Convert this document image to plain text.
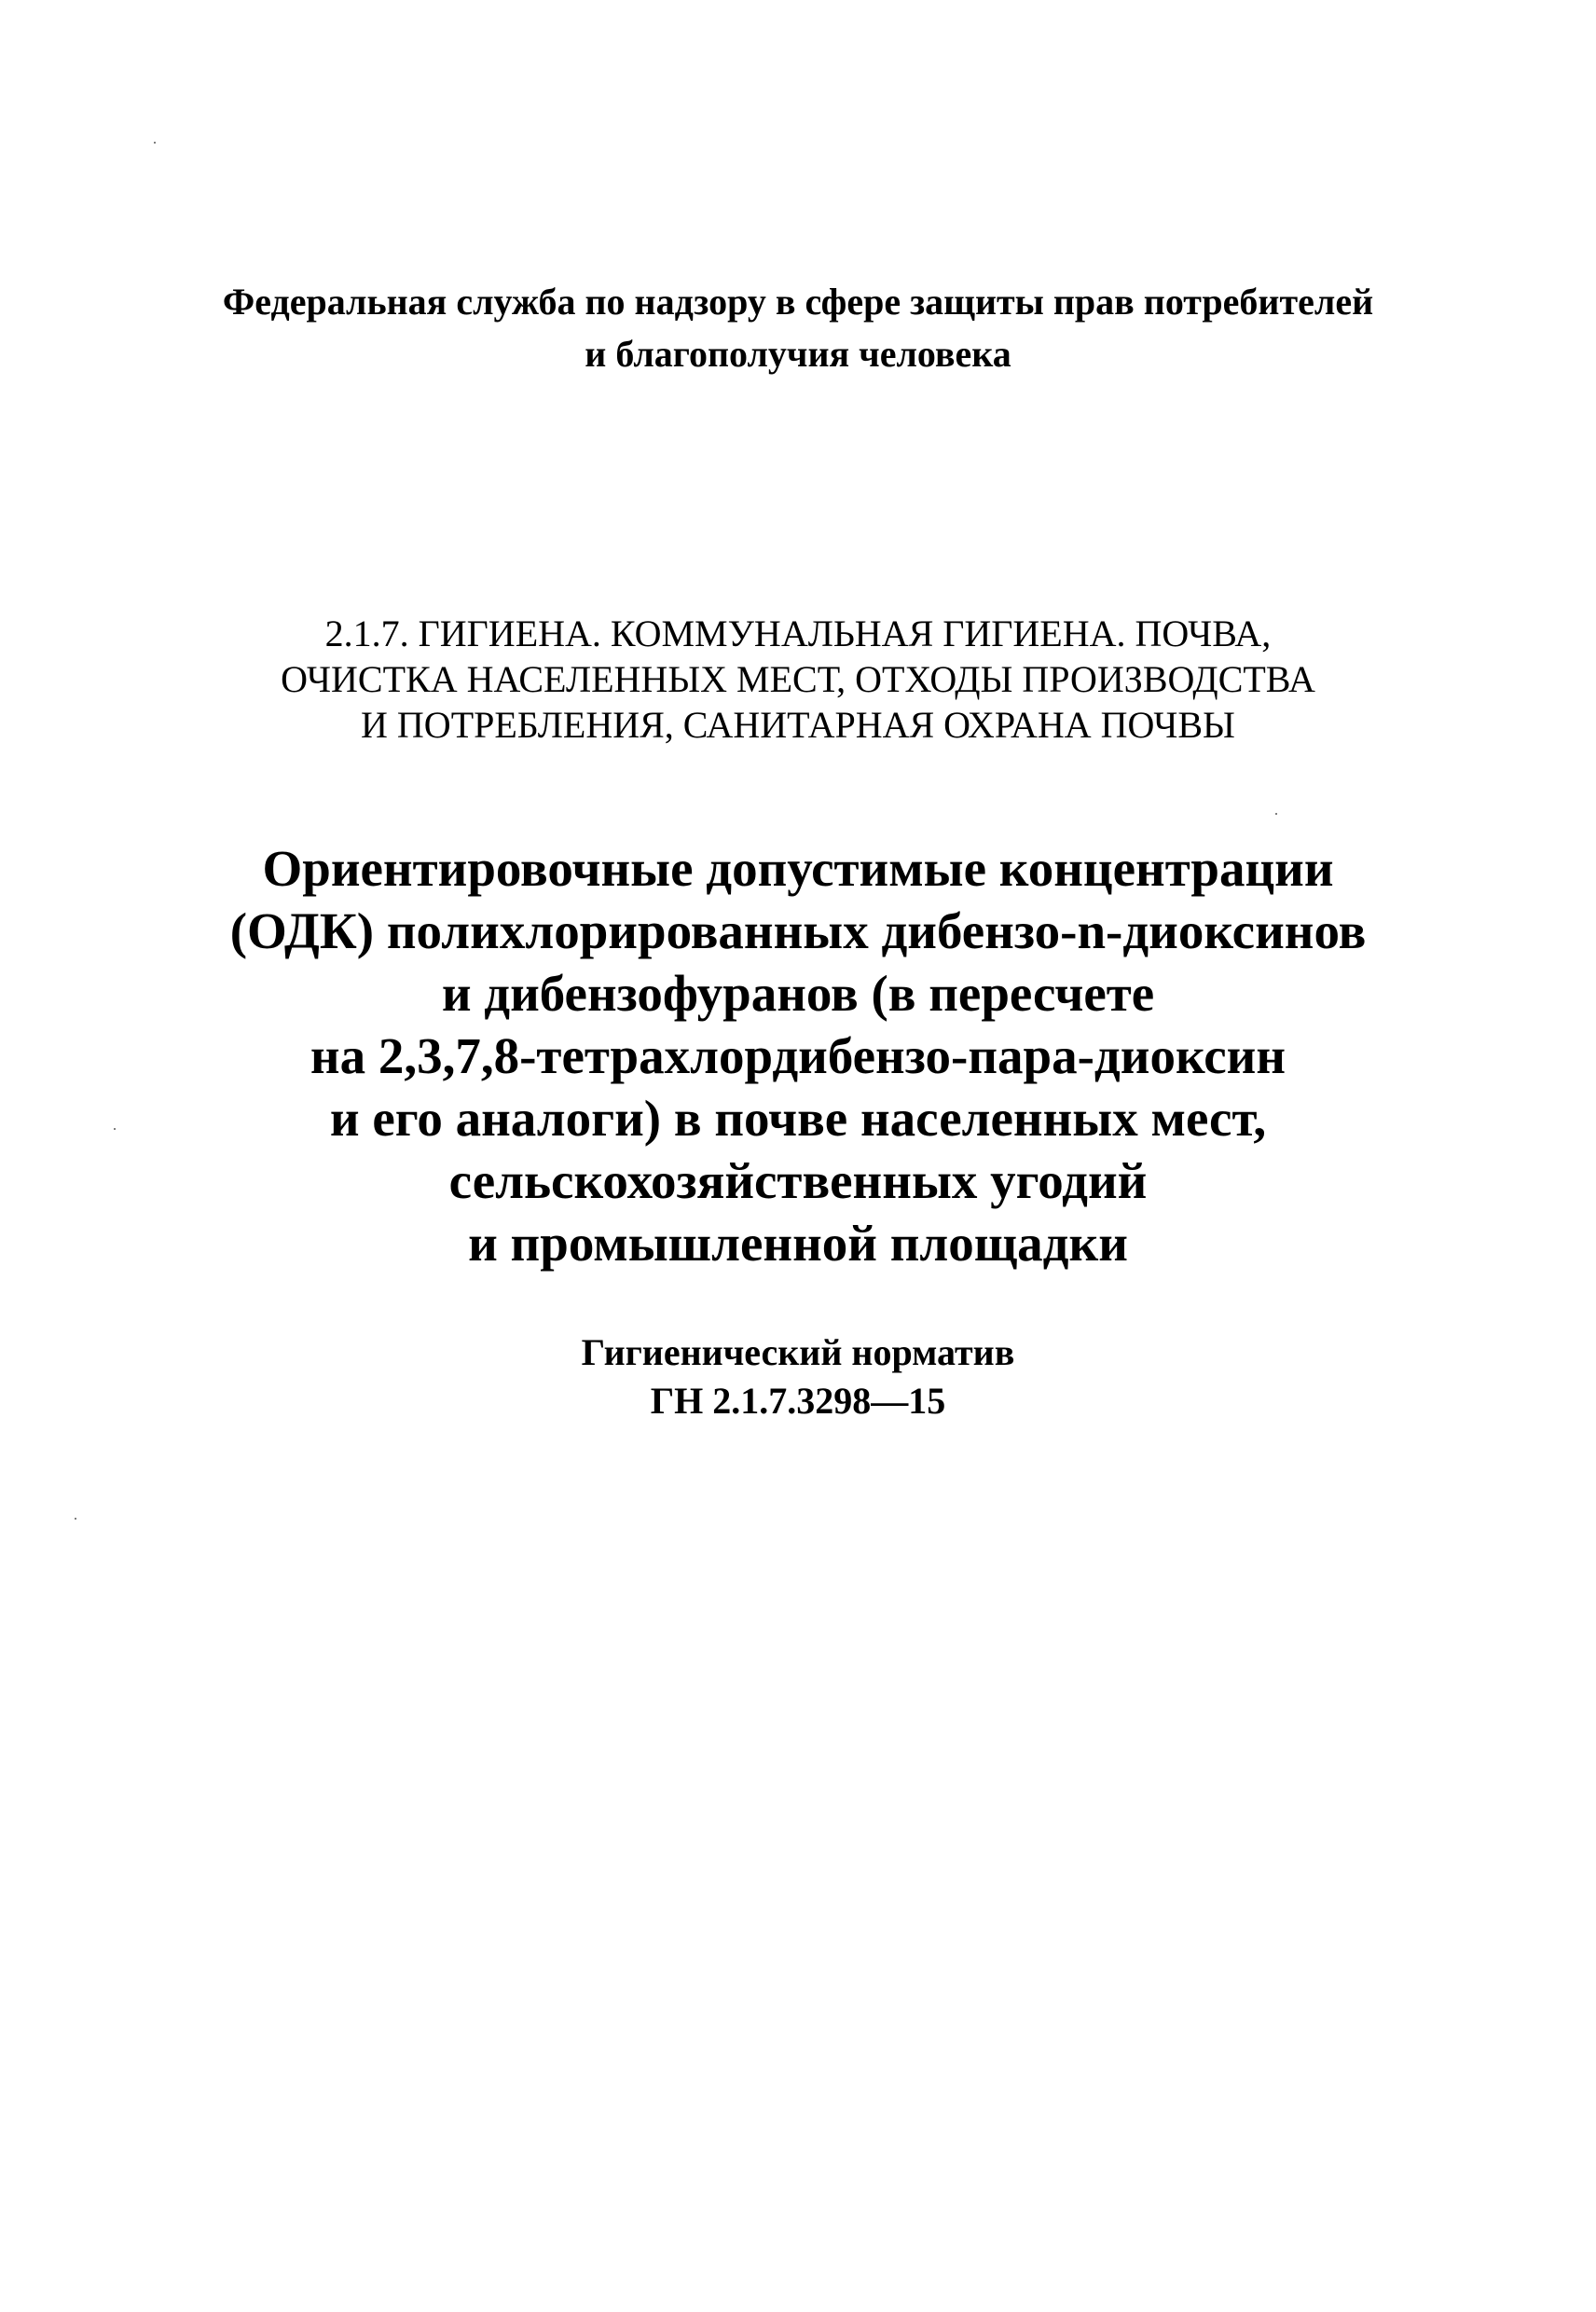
Федеральная служба по надзору в сфере защиты прав потребителей
и благополучия человека
2.1.7. ГИГИЕНА. КОММУНАЛЬНАЯ ГИГИЕНА. ПОЧВА,
ОЧИСТКА НАСЕЛЕННЫХ МЕСТ, ОТХОДЫ ПРОИЗВОДСТВА
И ПОТРЕБЛЕНИЯ, САНИТАРНАЯ ОХРАНА ПОЧВЫ
Ориентировочные допустимые концентрации
(ОДК) полихлорированных дибензо-n-диоксинов
и дибензофуранов (в пересчете
на 2,3,7,8-тетрахлордибензо-пара-диоксин
и его аналоги) в почве населенных мест,
сельскохозяйственных угодий
и промышленной площадки
Гигиенический норматив
ГН 2.1.7.3298—15
